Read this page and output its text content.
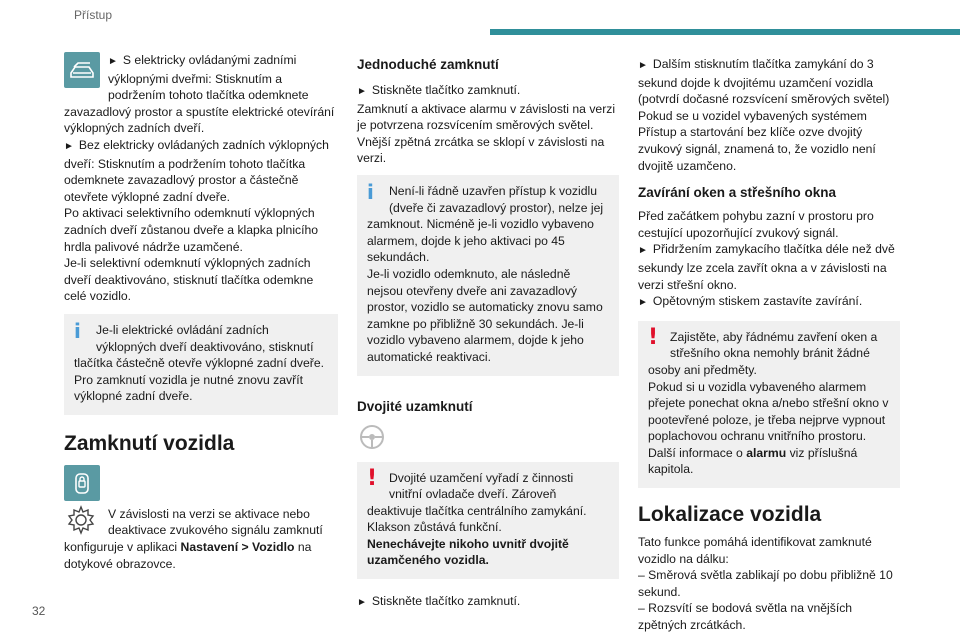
Přístup

► S elektricky ovládanými zadními výklopnými dveřmi: Stisknutím a podržením tohoto tlačítka odemknete zavazadlový prostor a spustíte elektrické otevírání výklopných zadních dveří.

► Bez elektricky ovládaných zadních výklopných dveří: Stisknutím a podržením tohoto tlačítka odemknete zavazadlový prostor a částečně otevřete výklopné zadní dveře.

Po aktivaci selektivního odemknutí výklopných zadních dveří zůstanou dveře a klapka plnicího hrdla palivové nádrže uzamčené.

Je-li selektivní odemknutí výklopných zadních dveří deaktivováno, stisknutí tlačítka odemkne celé vozidlo.

i	Je-li elektrické ovládání zadních výklopných dveří deaktivováno, stisknutí tlačítka částečně otevře výklopné zadní dveře.

Pro zamknutí vozidla je nutné znovu zavřít výklopné zadní dveře.

Zamknutí vozidla

V závislosti na verzi se aktivace nebo deaktivace zvukového signálu zamknutí konfiguruje v aplikaci Nastavení > Vozidlo na dotykové obrazovce.

Jednoduché zamknutí

► Stiskněte tlačítko zamknutí.

Zamknutí a aktivace alarmu v závislosti na verzi je potvrzena rozsvícením směrových světel.

Vnější zpětná zrcátka se sklopí v závislosti na verzi.

i	Není-li řádně uzavřen přístup k vozidlu (dveře či zavazadlový prostor), nelze jej zamknout. Nicméně je-li vozidlo vybaveno alarmem, dojde k jeho aktivaci po 45 sekundách.

Je-li vozidlo odemknuto, ale následně nejsou otevřeny dveře ani zavazadlový prostor, vozidlo se automaticky znovu samo zamkne po přibližně 30 sekundách. Je-li vozidlo vybaveno alarmem, dojde k jeho automatické reaktivaci.

Dvojité uzamknutí
! Dvojité uzamčení vyřadí z činnosti vnitřní ovladače dveří. Zároveň deaktivuje tlačítka centrálního zamykání.

Klakson zůstává funkční.

Nenechávejte nikoho uvnitř dvojitě uzamčeného vozidla.

► Stiskněte tlačítko zamknutí.

► Dalším stisknutím tlačítka zamykání do 3 sekund dojde k dvojitému uzamčení vozidla (potvrdí dočasné rozsvícení směrových světel)

Pokud se u vozidel vybavených systémem Přístup a startování bez klíče ozve dvojitý zvukový signál, znamená to, že vozidlo není dvojitě uzamčeno.

Zavírání oken a střešního okna

Před začátkem pohybu zazní v prostoru pro cestující upozorňující zvukový signál.

► Přidržením zamykacího tlačítka déle než dvě sekundy lze zcela zavřít okna a v závislosti na verzi střešní okno.

► Opětovným stiskem zastavíte zavírání.

! Zajistěte, aby řádnému zavření oken a střešního okna nemohly bránit žádné osoby ani předměty.

Pokud si u vozidla vybaveného alarmem přejete ponechat okna a/nebo střešní okno v pootevřené poloze, je třeba nejprve vypnout poplachovou ochranu vnitřního prostoru.

Další informace o alarmu viz příslušná kapitola.

Lokalizace vozidla

Tato funkce pomáhá identifikovat zamknuté vozidlo na dálku:

– Směrová světla zablikají po dobu přibližně 10 sekund.

– Rozsvítí se bodová světla na vnějších zpětných zrcátkách.

32
